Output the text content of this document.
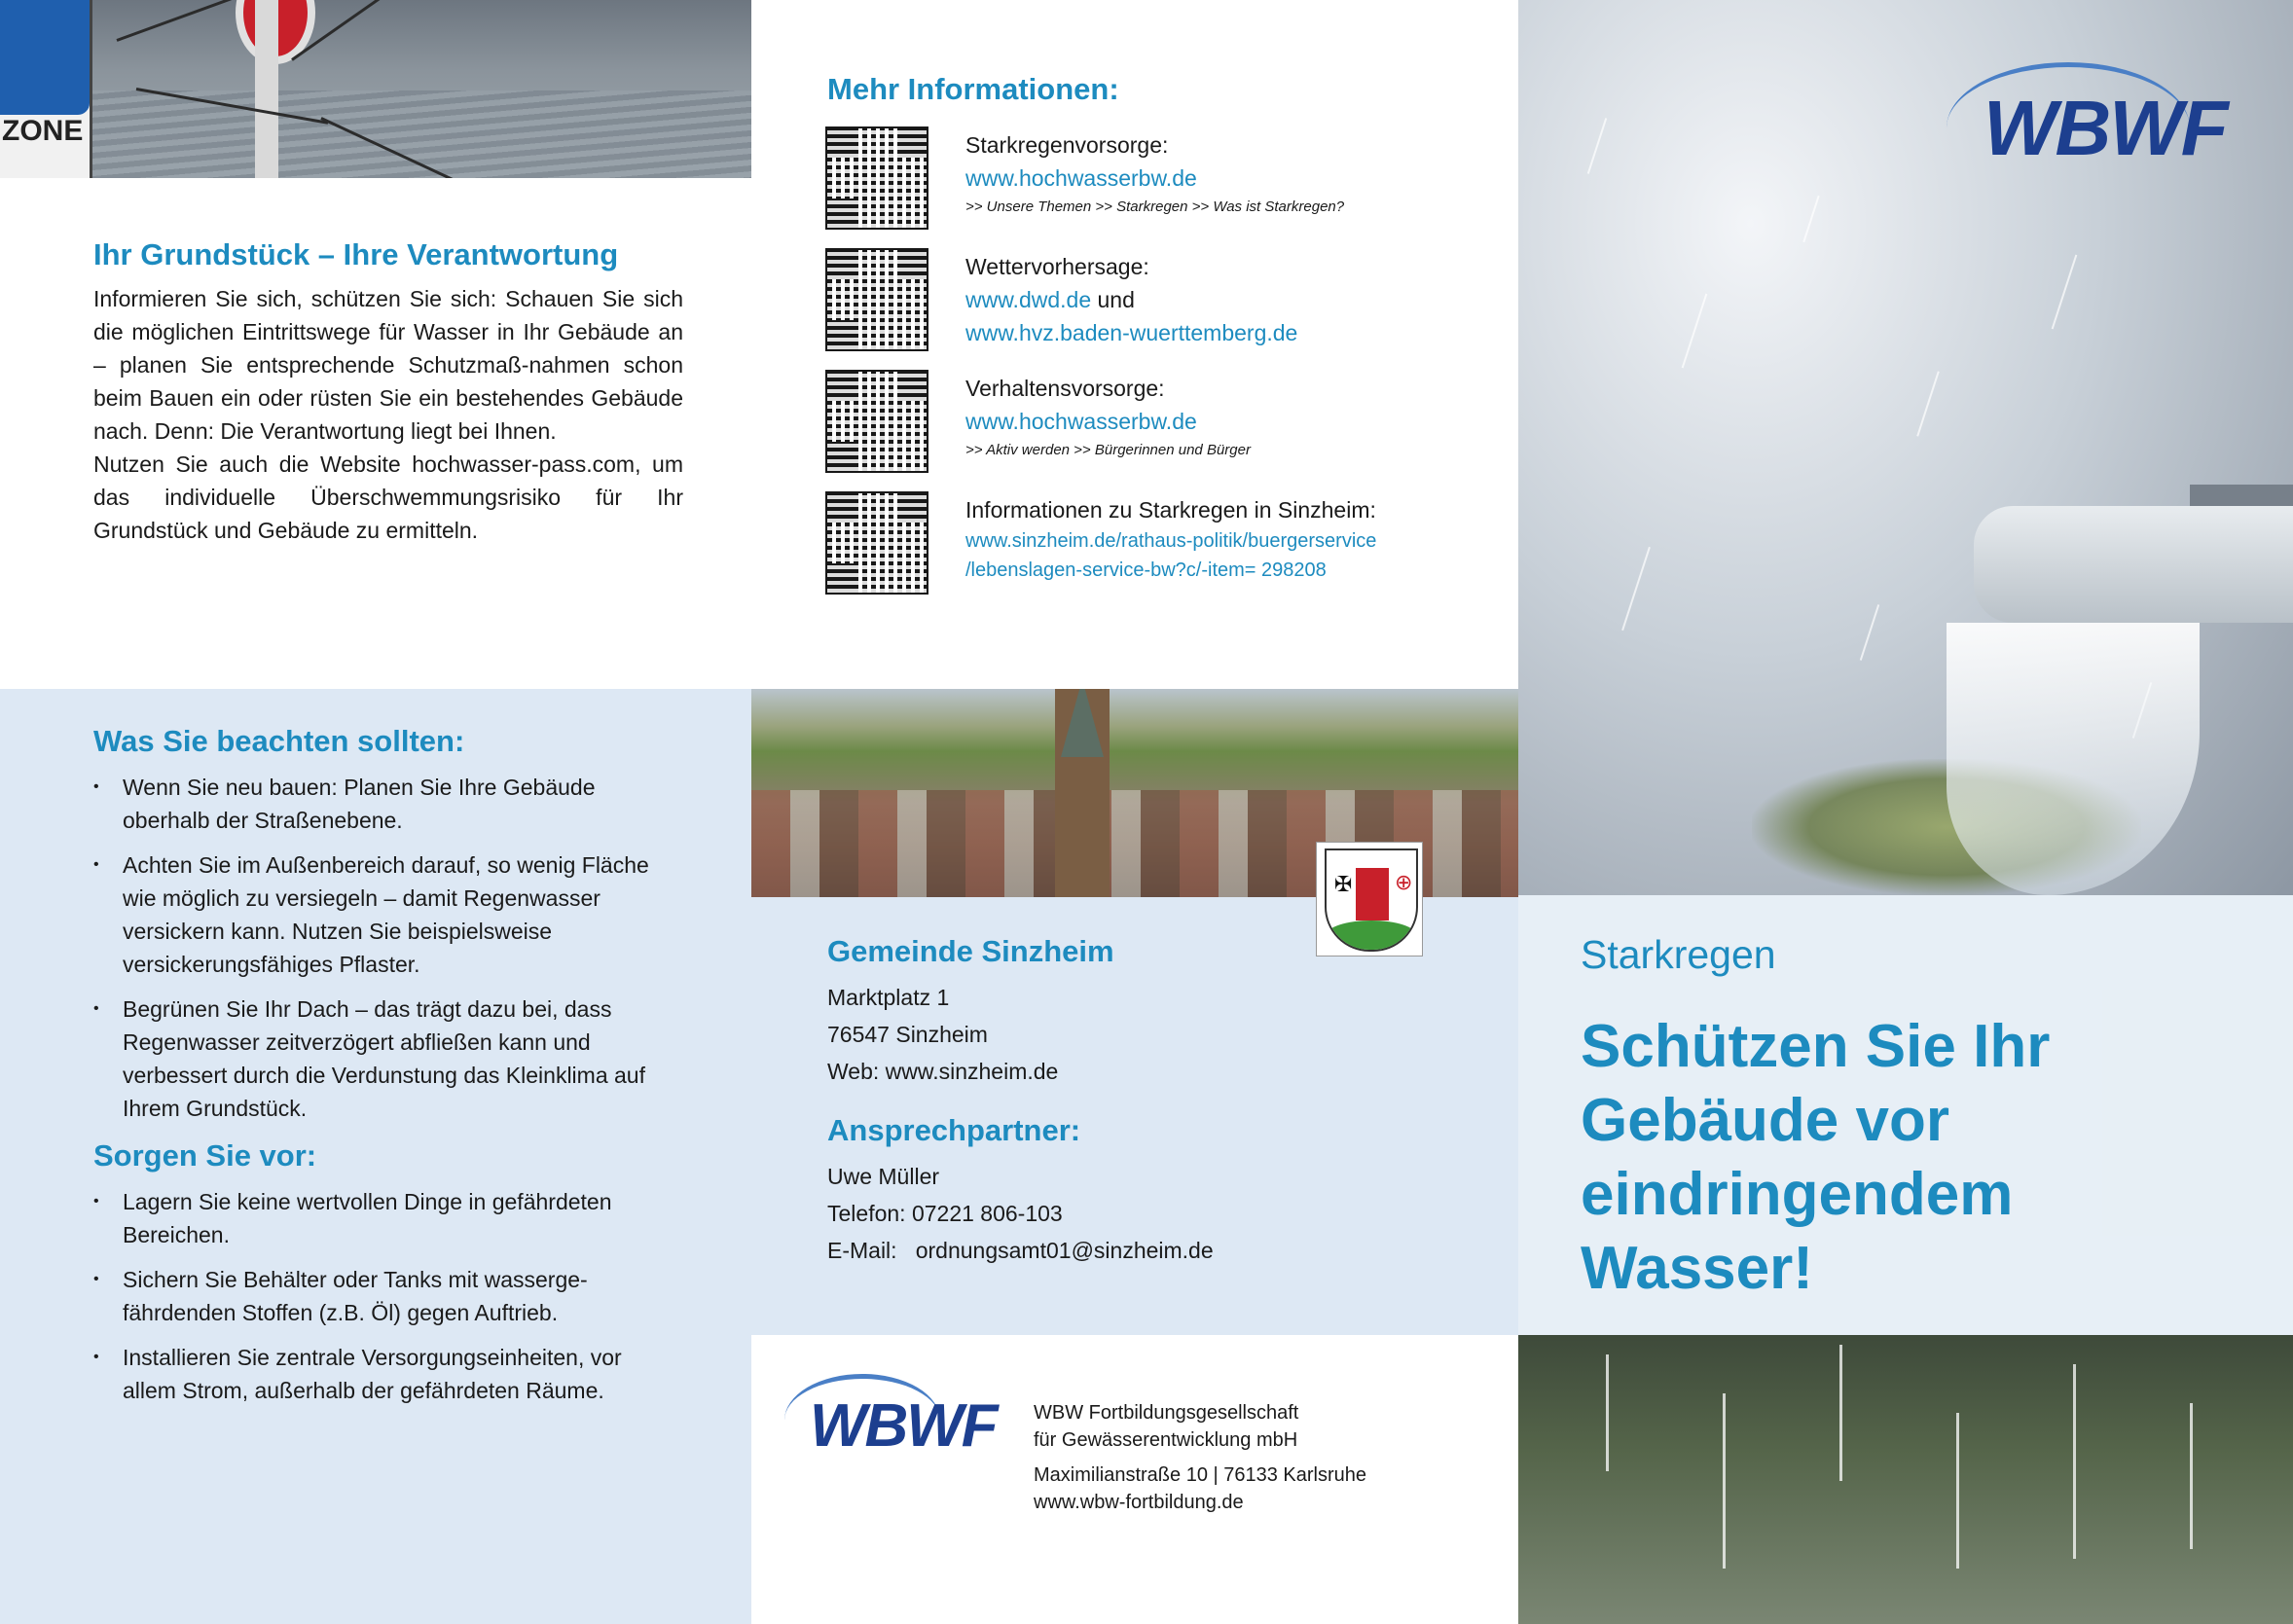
ZONE
Ihr Grundstück – Ihre Verantwortung

Informieren Sie sich, schützen Sie sich: Schauen Sie sich die möglichen Eintrittswege für Wasser in Ihr Gebäude an – planen Sie entsprechende Schutzmaß-nahmen schon beim Bauen ein oder rüsten Sie ein bestehendes Gebäude nach. Denn: Die Verantwortung liegt bei Ihnen.

Nutzen Sie auch die Website hochwasser-pass.com, um das individuelle Überschwemmungsrisiko für Ihr Grundstück und Gebäude zu ermitteln.

Was Sie beachten sollten:
• Wenn Sie neu bauen: Planen Sie Ihre Gebäude oberhalb der Straßenebene.
• Achten Sie im Außenbereich darauf, so wenig Fläche wie möglich zu versiegeln – damit Regenwasser versickern kann. Nutzen Sie beispielsweise versickerungsfähiges Pflaster.
• Begrünen Sie Ihr Dach – das trägt dazu bei, dass Regenwasser zeitverzögert abfließen kann und verbessert durch die Verdunstung das Kleinklima auf Ihrem Grundstück.
Sorgen Sie vor:
• Lagern Sie keine wertvollen Dinge in gefährdeten Bereichen.
• Sichern Sie Behälter oder Tanks mit wasserge-fährdenden Stoffen (z.B. Öl) gegen Auftrieb.
• Installieren Sie zentrale Versorgungseinheiten, vor allem Strom, außerhalb der gefährdeten Räume.
Mehr Informationen:

Starkregenvorsorge:

www.hochwasserbw.de

>> Unsere Themen >> Starkregen >> Was ist Starkregen?

Wettervorhersage:

www.dwd.de und

www.hvz.baden-wuerttemberg.de

Verhaltensvorsorge:

www.hochwasserbw.de

>> Aktiv werden >> Bürgerinnen und Bürger

Informationen zu Starkregen in Sinzheim:

www.sinzheim.de/rathaus-politik/buergerservice

/lebenslagen-service-bw?c/-item= 298208

Gemeinde Sinzheim

Marktplatz 1

76547 Sinzheim

Web: www.sinzheim.de

Ansprechpartner:

Uwe Müller

Telefon: 07221 806-103

E-Mail:   ordnungsamt01@sinzheim.de

✠ ⊕
WBWF WBW Fortbildungsgesellschaft

für Gewässerentwicklung mbH

Maximilianstraße 10 | 76133 Karlsruhe

www.wbw-fortbildung.de

WBWF
Starkregen
Schützen Sie Ihr Gebäude vor eindringendem Wasser!
